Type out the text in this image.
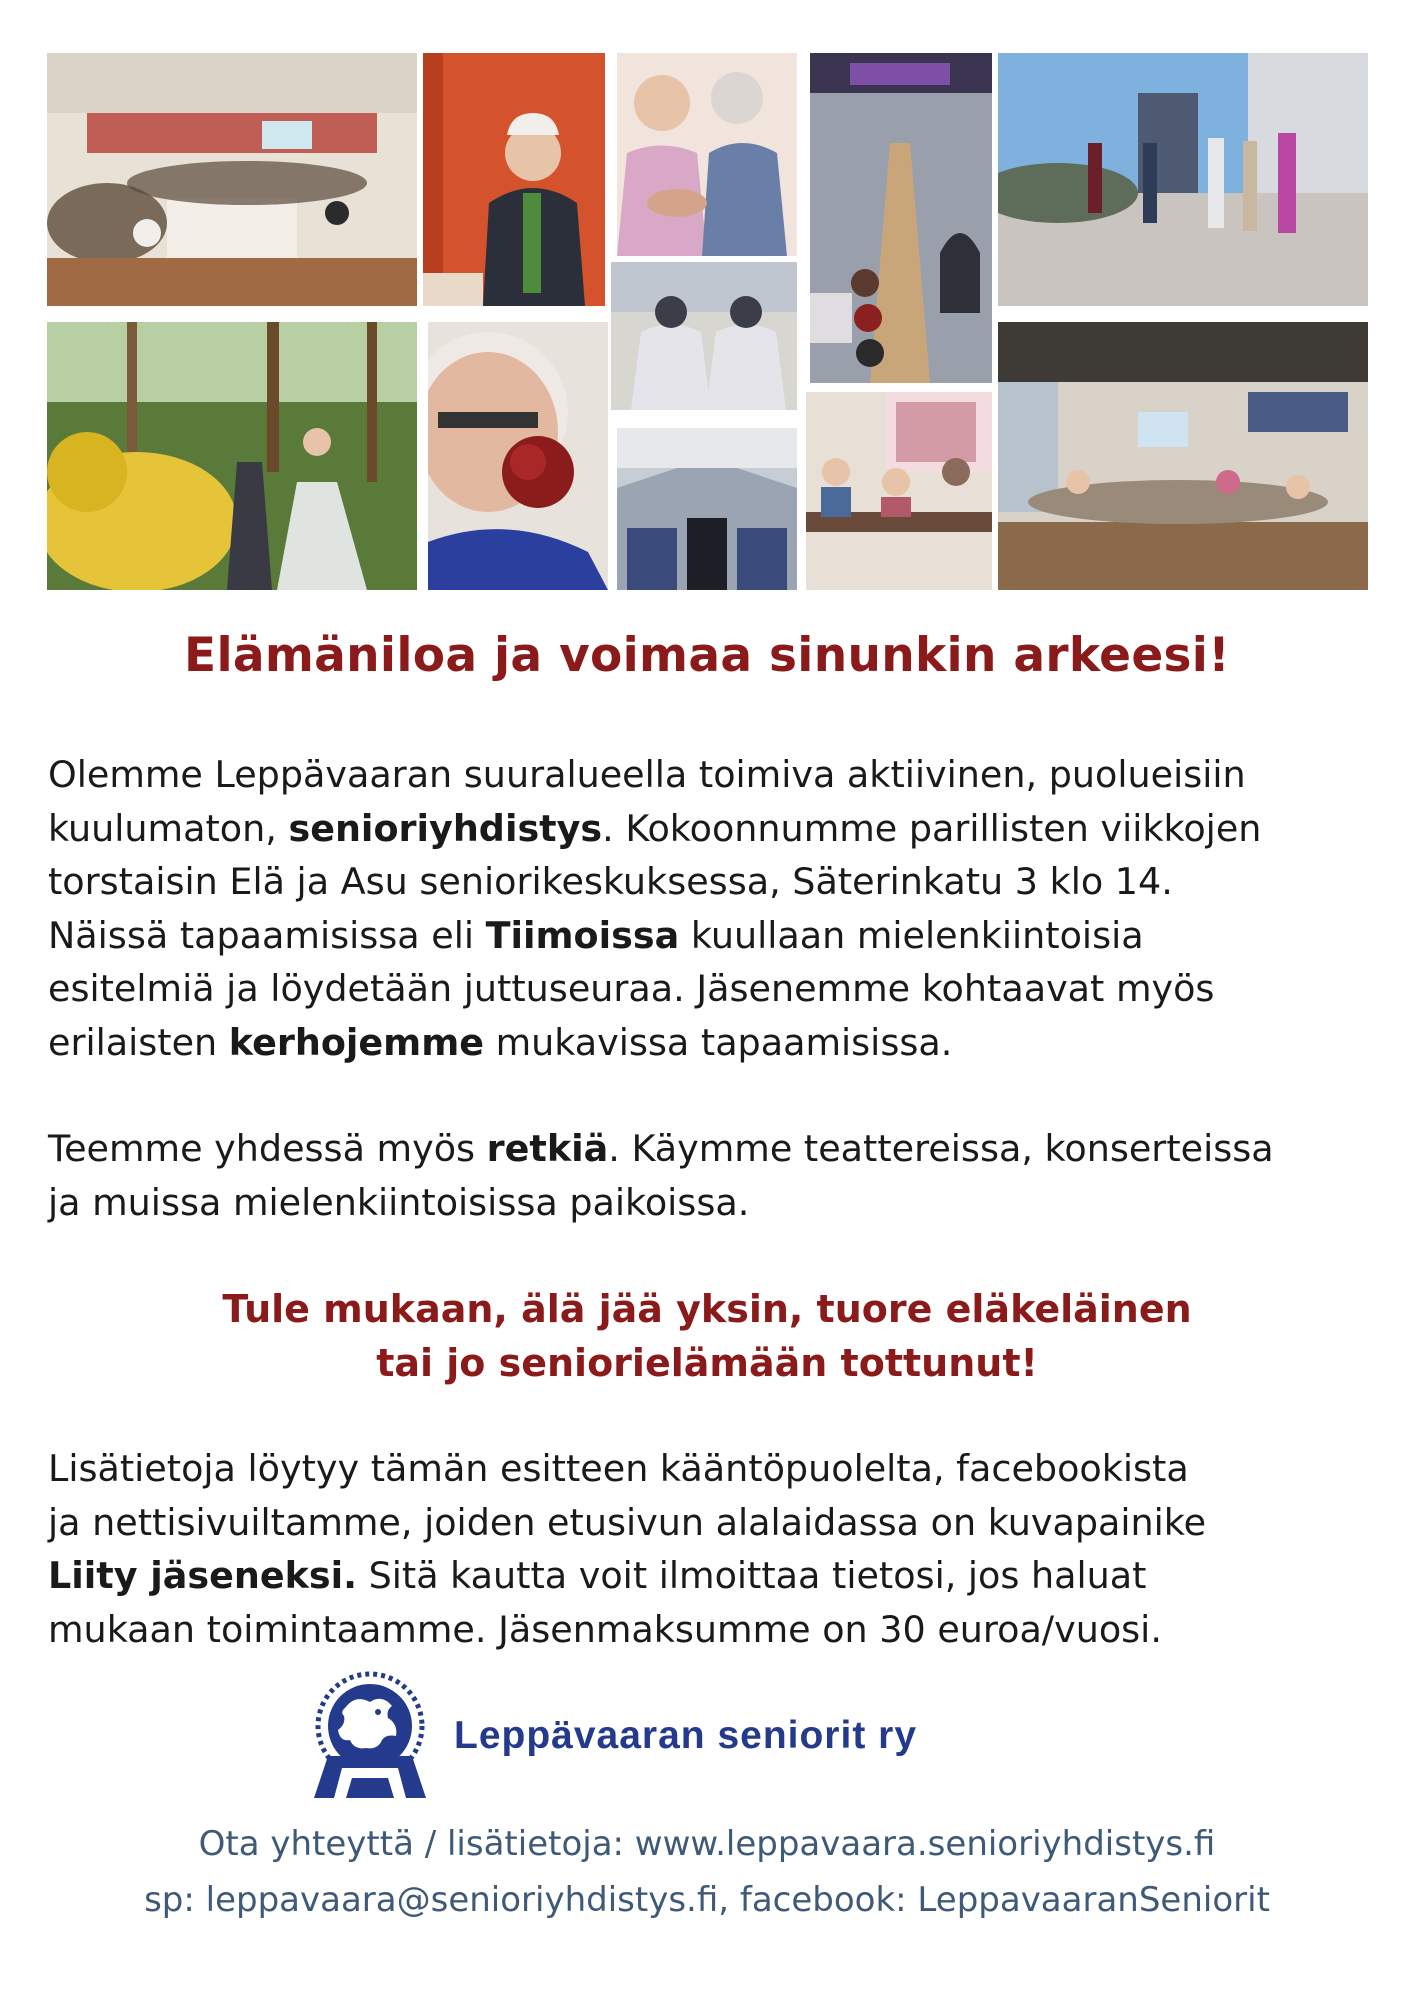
Elämäniloa ja voimaa sinunkin arkeesi!

Olemme Leppävaaran suuralueella toimiva aktiivinen, puolueisiin
kuulumaton, senioriyhdistys. Kokoonnumme parillisten viikkojen
torstaisin Elä ja Asu seniorikeskuksessa, Säterinkatu 3 klo 14.
Näissä tapaamisissa eli Tiimoissa kuullaan mielenkiintoisia
esitelmiä ja löydetään juttuseuraa. Jäsenemme kohtaavat myös
erilaisten kerhojemme mukavissa tapaamisissa.

Teemme yhdessä myös retkiä. Käymme teattereissa, konserteissa
ja muissa mielenkiintoisissa paikoissa.

Tule mukaan, älä jää yksin, tuore eläkeläinen
tai jo seniorielämään tottunut!

Lisätietoja löytyy tämän esitteen kääntöpuolelta, facebookista
ja nettisivuiltamme, joiden etusivun alalaidassa on kuvapainike
Liity jäseneksi. Sitä kautta voit ilmoittaa tietosi, jos haluat
mukaan toimintaamme. Jäsenmaksumme on 30 euroa/vuosi.

Leppävaaran seniorit ry
Ota yhteyttä / lisätietoja: www.leppavaara.senioriyhdistys.fi
sp: leppavaara@senioriyhdistys.fi, facebook: LeppavaaranSeniorit
